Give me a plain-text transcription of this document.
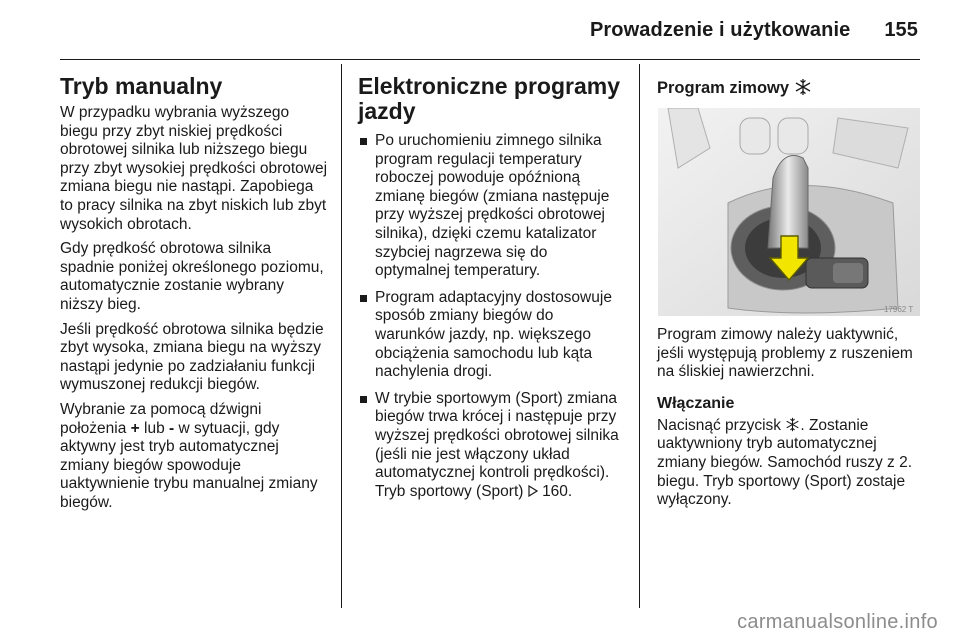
Prowadzenie i użytkowanie 155
Tryb manualny

W przypadku wybrania wyższego biegu przy zbyt niskiej prędkości obrotowej silnika lub niższego biegu przy zbyt wysokiej prędkości obrotowej zmiana biegu nie nastąpi. Zapobiega to pracy silnika na zbyt niskich lub zbyt wysokich obrotach.

Gdy prędkość obrotowa silnika spadnie poniżej określonego poziomu, automatycznie zostanie wybrany niższy bieg.

Jeśli prędkość obrotowa silnika będzie zbyt wysoka, zmiana biegu na wyższy nastąpi jedynie po zadziałaniu funkcji wymuszonej redukcji biegów.

Wybranie za pomocą dźwigni położenia + lub - w sytuacji, gdy aktywny jest tryb automatycznej zmiany biegów spowoduje uaktywnienie trybu manualnej zmiany biegów.

Elektroniczne programy jazdy
Po uruchomieniu zimnego silnika program regulacji temperatury roboczej powoduje opóźnioną zmianę biegów (zmiana następuje przy wyższej prędkości obrotowej silnika), dzięki czemu katalizator szybciej nagrzewa się do optymalnej temperatury.
Program adaptacyjny dostosowuje sposób zmiany biegów do warunków jazdy, np. większego obciążenia samochodu lub kąta nachylenia drogi.
W trybie sportowym (Sport) zmiana biegów trwa krócej i następuje przy wyższej prędkości obrotowej silnika (jeśli nie jest włączony układ automatycznej kontroli prędkości). Tryb sportowy (Sport)  160.
Program zimowy
17962 T

Program zimowy należy uaktywnić, jeśli występują problemy z ruszeniem na śliskiej nawierzchni.

Włączanie

Nacisnąć przycisk . Zostanie uaktywniony tryb automatycznej zmiany biegów. Samochód ruszy z 2. biegu. Tryb sportowy (Sport) zostaje wyłączony.

carmanualsonline.info
